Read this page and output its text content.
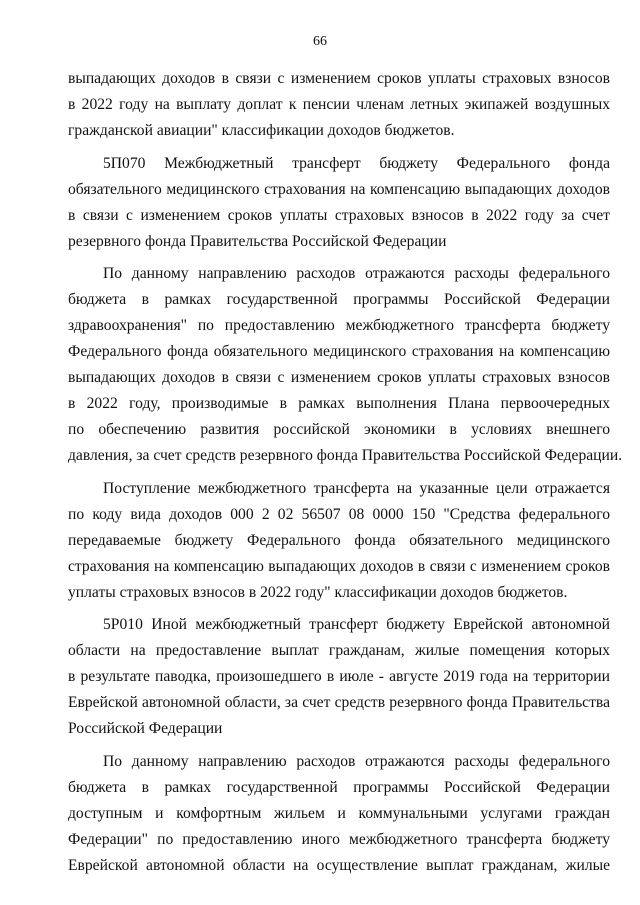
66
выпадающих доходов в связи с изменением сроков уплаты страховых взносов
в 2022 году на выплату доплат к пенсии членам летных экипажей воздушных
гражданской авиации" классификации доходов бюджетов.
5П070 Межбюджетный трансферт бюджету Федерального фонда
обязательного медицинского страхования на компенсацию выпадающих доходов
в связи с изменением сроков уплаты страховых взносов в 2022 году за счет
резервного фонда Правительства Российской Федерации
По данному направлению расходов отражаются расходы федерального
бюджета в рамках государственной программы Российской Федерации
здравоохранения" по предоставлению межбюджетного трансферта бюджету
Федерального фонда обязательного медицинского страхования на компенсацию
выпадающих доходов в связи с изменением сроков уплаты страховых взносов
в 2022 году, производимые в рамках выполнения Плана первоочередных
по обеспечению развития российской экономики в условиях внешнего
давления, за счет средств резервного фонда Правительства Российской Федерации.
Поступление межбюджетного трансферта на указанные цели отражается
по коду вида доходов 000 2 02 56507 08 0000 150 "Средства федерального
передаваемые бюджету Федерального фонда обязательного медицинского
страхования на компенсацию выпадающих доходов в связи с изменением сроков
уплаты страховых взносов в 2022 году" классификации доходов бюджетов.
5Р010 Иной межбюджетный трансферт бюджету Еврейской автономной
области на предоставление выплат гражданам, жилые помещения которых
в результате паводка, произошедшего в июле - августе 2019 года на территории
Еврейской автономной области, за счет средств резервного фонда Правительства
Российской Федерации
По данному направлению расходов отражаются расходы федерального
бюджета в рамках государственной программы Российской Федерации
доступным и комфортным жильем и коммунальными услугами граждан
Федерации" по предоставлению иного межбюджетного трансферта бюджету
Еврейской автономной области на осуществление выплат гражданам, жилые
